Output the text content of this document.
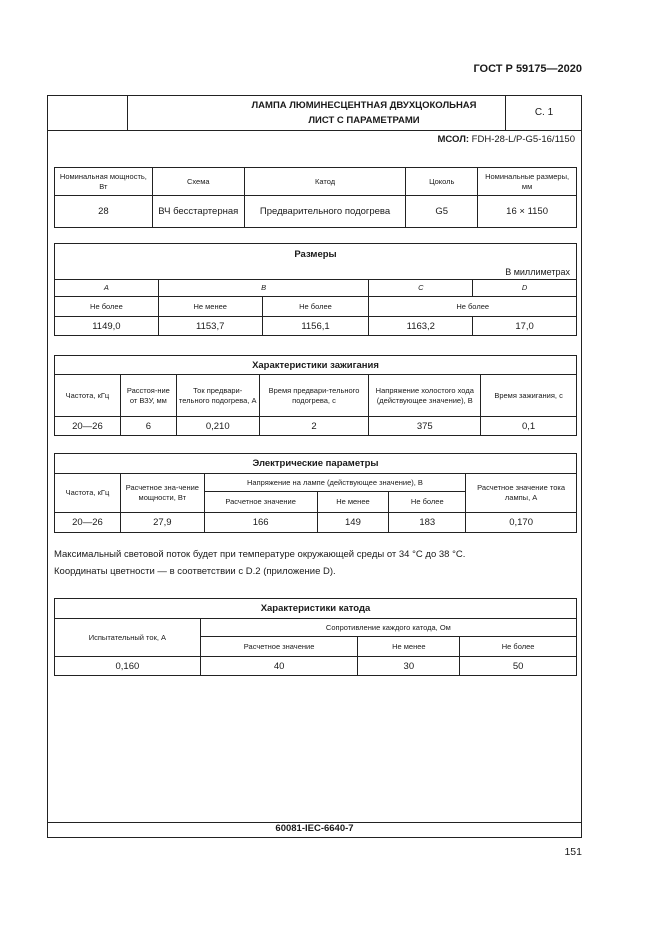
ГОСТ Р 59175—2020
ЛАМПА ЛЮМИНЕСЦЕНТНАЯ ДВУХЦОКОЛЬНАЯ
ЛИСТ С ПАРАМЕТРАМИ
С. 1
МСОЛ: FDH-28-L/P-G5-16/1150
60081-IEC-6640-7
Номинальная мощность, Вт	Схема	Катод	Цоколь	Номинальные размеры, мм
28	ВЧ бесстартерная	Предварительного подогрева	G5	16 × 1150
Размеры				
В миллиметрах				
A	B		C	D
Не более	Не менее	Не более	Не более	
1149,0	1153,7	1156,1	1163,2	17,0
Характеристики зажигания					
Частота, кГц	Расстоя-ние от ВЗУ, мм	Ток предвари-тельного подогрева, А	Время предвари-тельного подогрева, с	Напряжение холостого хода (действующее значение), В	Время зажигания, с
20—26	6	0,210	2	375	0,1
Электрические параметры					
Частота, кГц	Расчетное зна-чение мощности, Вт	Напряжение на лампе (действующее значение), В			Расчетное значение тока лампы, А
		Расчетное значение	Не менее	Не более	
20—26	27,9	166	149	183	0,170
Максимальный световой поток будет при температуре окружающей среды от 34 °С до 38 °С.
Координаты цветности — в соответствии с D.2 (приложение D).
Характеристики катода			
Испытательный ток, А	Сопротивление каждого катода, Ом		
	Расчетное значение	Не менее	Не более
0,160	40	30	50
151
